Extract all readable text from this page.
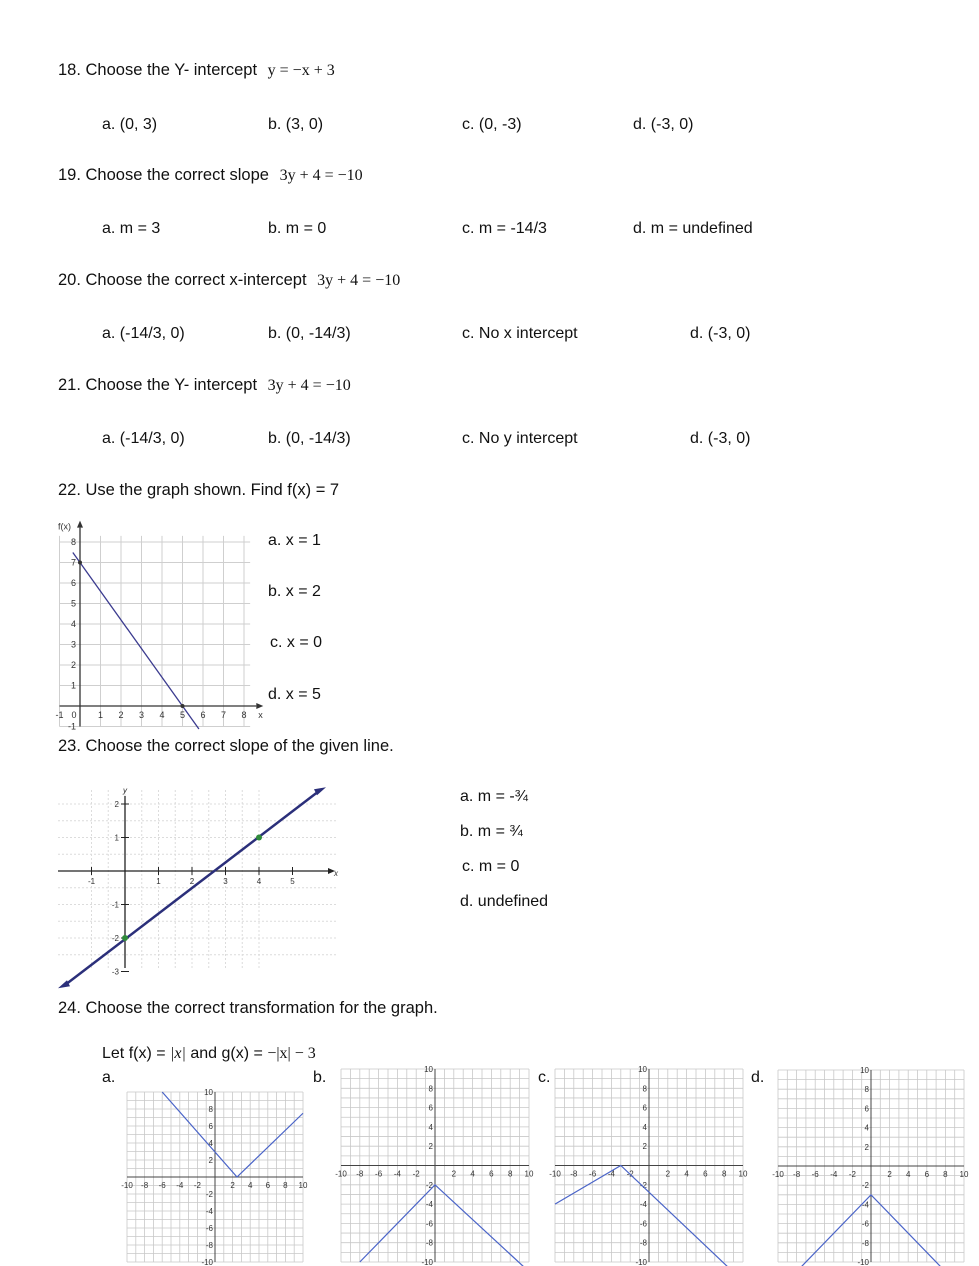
18. Choose the Y- intercept y = −x + 3
a. (0, 3)	b. (3, 0)	c. (0, -3)	d. (-3, 0)
19. Choose the correct slope 3y + 4 = −10
a. m = 3	b. m = 0	c. m = -14/3	d. m = undefined
20. Choose the correct x-intercept 3y + 4 = −10
a. (-14/3, 0)	b. (0, -14/3)	c. No x intercept	d. (-3, 0)
21. Choose the Y- intercept 3y + 4 = −10
a. (-14/3, 0)	b. (0, -14/3)	c. No y intercept	d. (-3, 0)
22. Use the graph shown. Find f(x) = 7
-1 0 1 2 3 4 5 6 7 8
-1
1
2
3
4
5
6
7
8
f(x)
x
a. x = 1
b. x = 2
c. x = 0
d. x = 5
23. Choose the correct slope of the given line.
-1	1	2	3	4	5
2
1
-1
-2
-3
y
x
a. m = -¾
b. m = ¾
c. m = 0
d. undefined
24. Choose the correct transformation for the graph.
Let f(x) = |x| and g(x) = −|x| − 3
a.	b.	c.	d.
-10 -8 -6 -4 -2	2 4 6 8 10
10
8
6
4
2
-2
-4
-6
-8
-10
-10 -8 -6 -4 -2	2 4 6 8 10
10
8
6
4
2
-2
-4
-6
-8
-10
-10 -8 -6 -4 -2	2 4 6 8 10
10
8
6
4
2
-2
-4
-6
-8
-10
-10 -8 -6 -4 -2	2 4 6 8 10
10
8
6
4
2
-2
-4
-6
-8
-10
